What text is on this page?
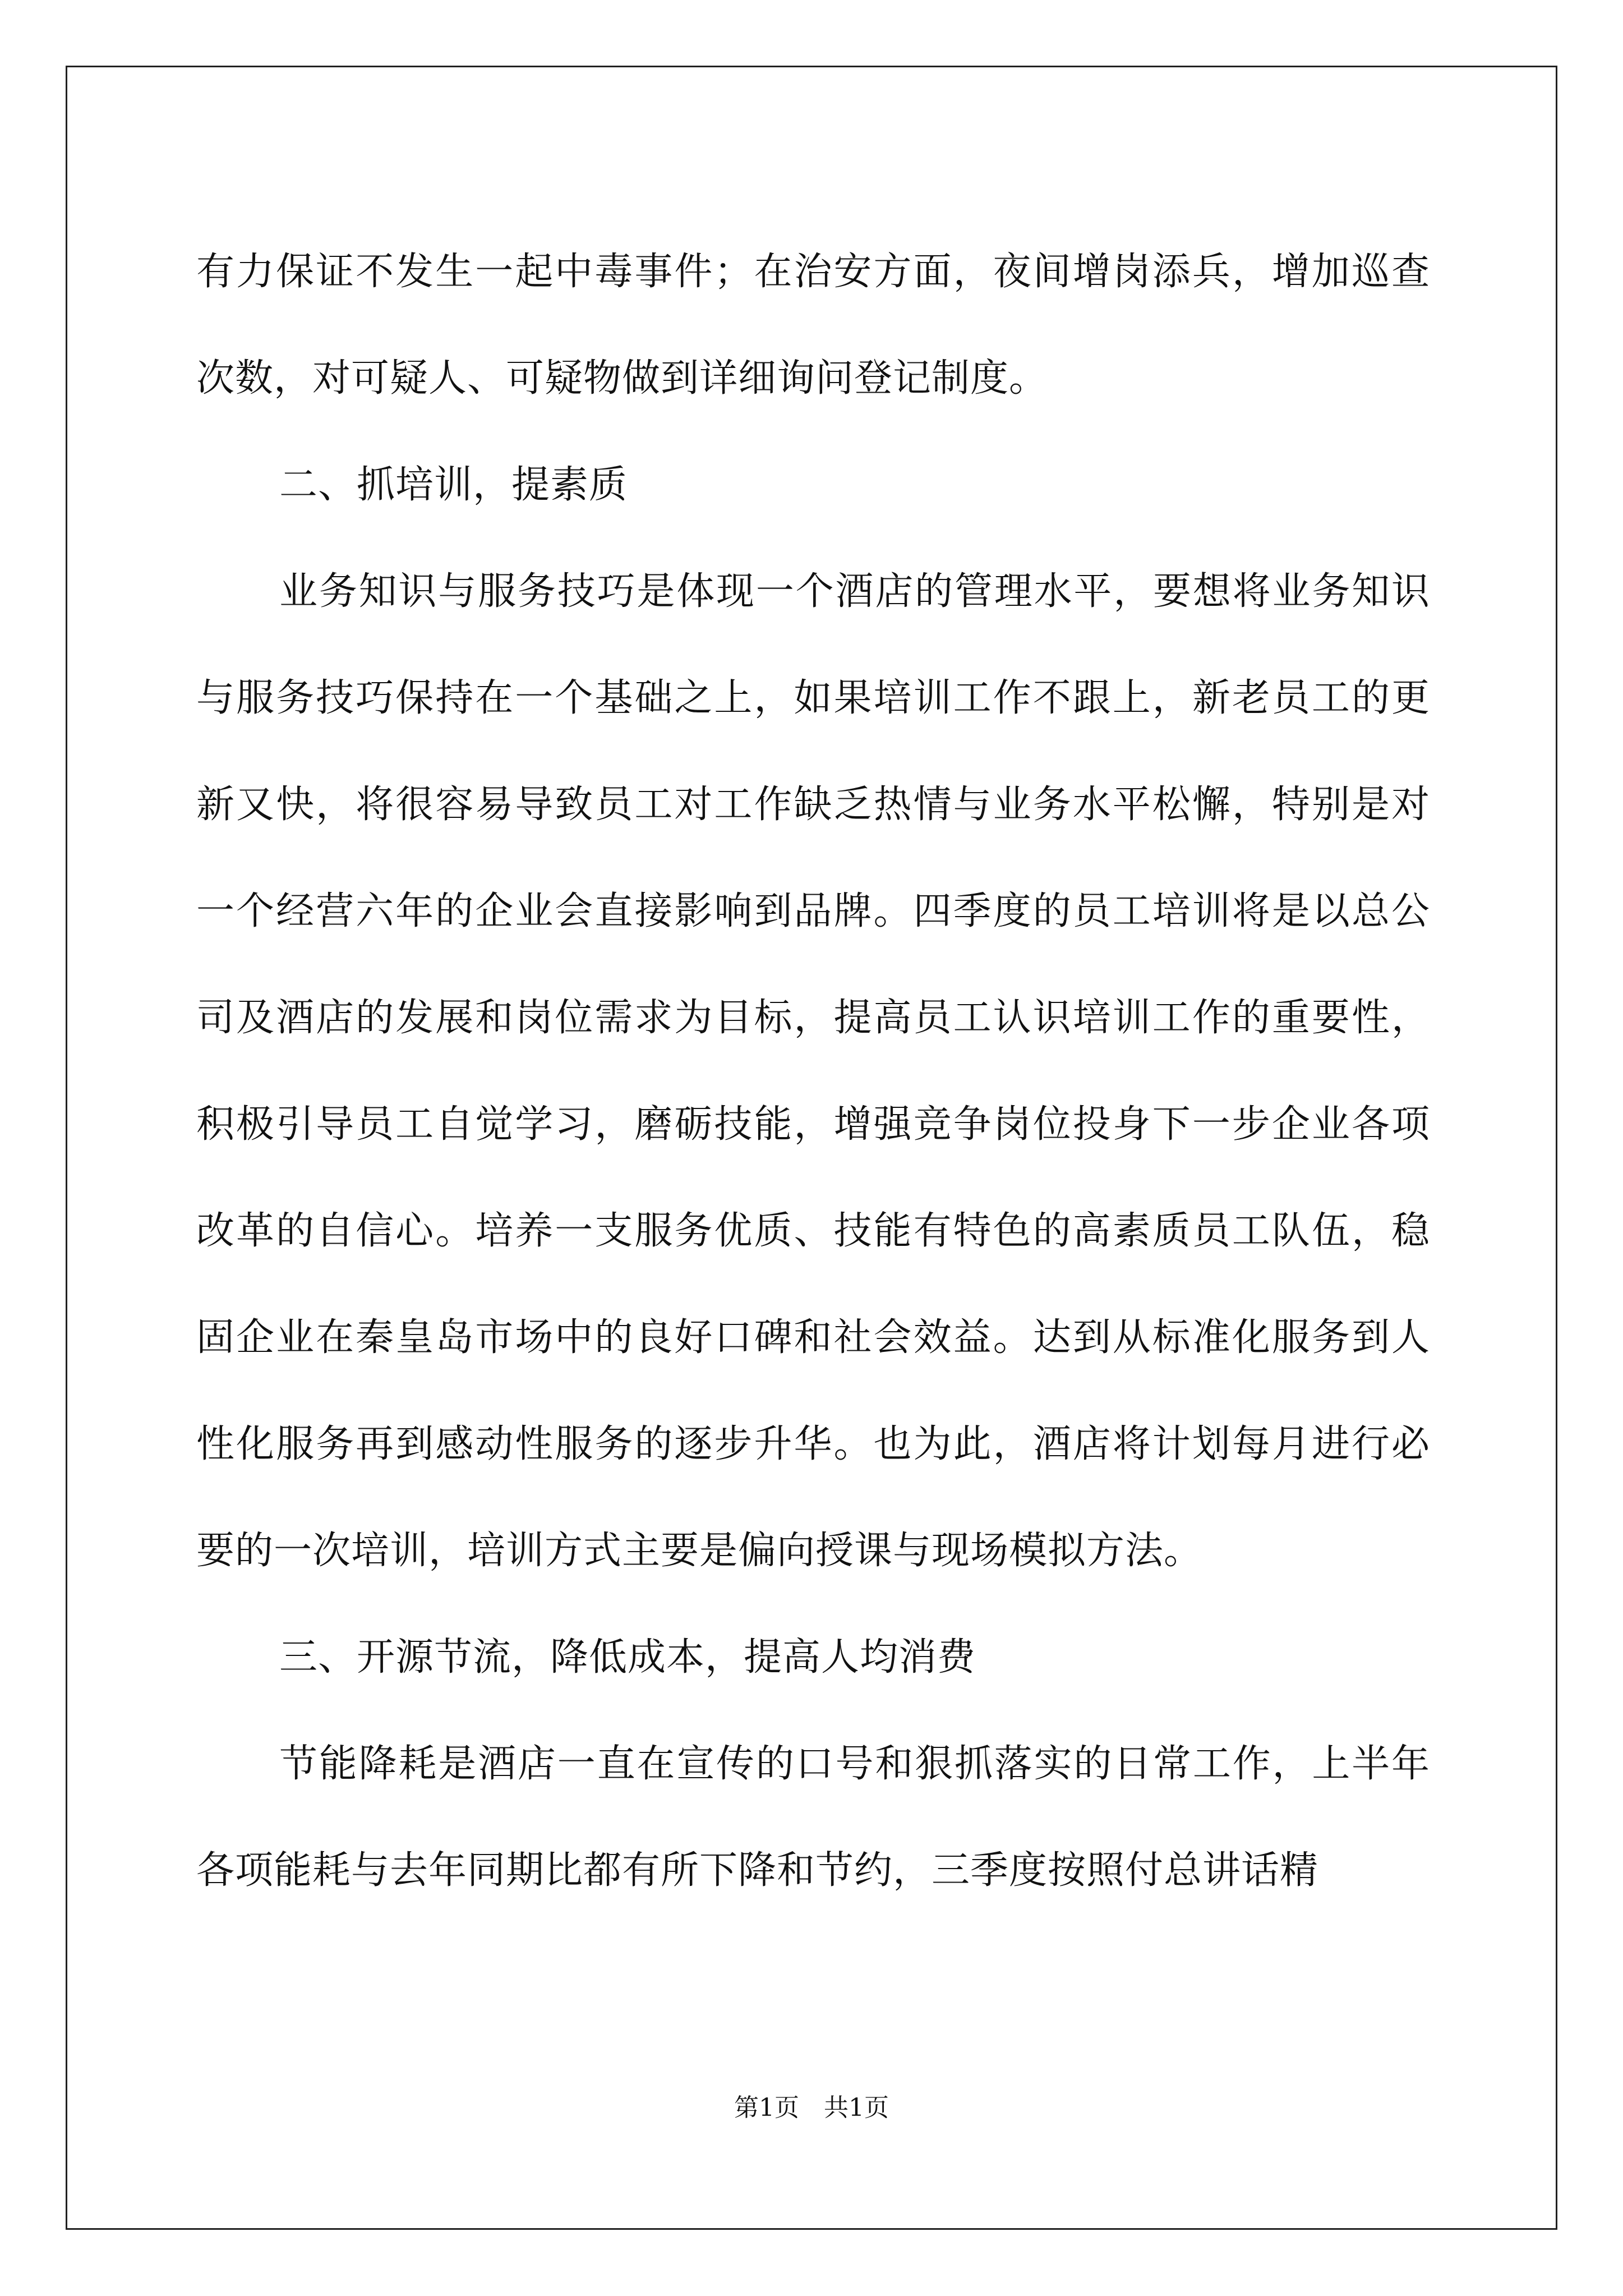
有力保证不发生一起中毒事件；在治安方面，夜间增岗添兵，增加巡查次数，对可疑人、可疑物做到详细询问登记制度。

二、抓培训，提素质

业务知识与服务技巧是体现一个酒店的管理水平，要想将业务知识与服务技巧保持在一个基础之上，如果培训工作不跟上，新老员工的更新又快，将很容易导致员工对工作缺乏热情与业务水平松懈，特别是对一个经营六年的企业会直接影响到品牌。四季度的员工培训将是以总公司及酒店的发展和岗位需求为目标，提高员工认识培训工作的重要性，积极引导员工自觉学习，磨砺技能，增强竞争岗位投身下一步企业各项改革的自信心。培养一支服务优质、技能有特色的高素质员工队伍，稳固企业在秦皇岛市场中的良好口碑和社会效益。达到从标准化服务到人性化服务再到感动性服务的逐步升华。也为此，酒店将计划每月进行必要的一次培训，培训方式主要是偏向授课与现场模拟方法。

三、开源节流，降低成本，提高人均消费

节能降耗是酒店一直在宣传的口号和狠抓落实的日常工作，上半年各项能耗与去年同期比都有所下降和节约，三季度按照付总讲话精

第1页　共1页
